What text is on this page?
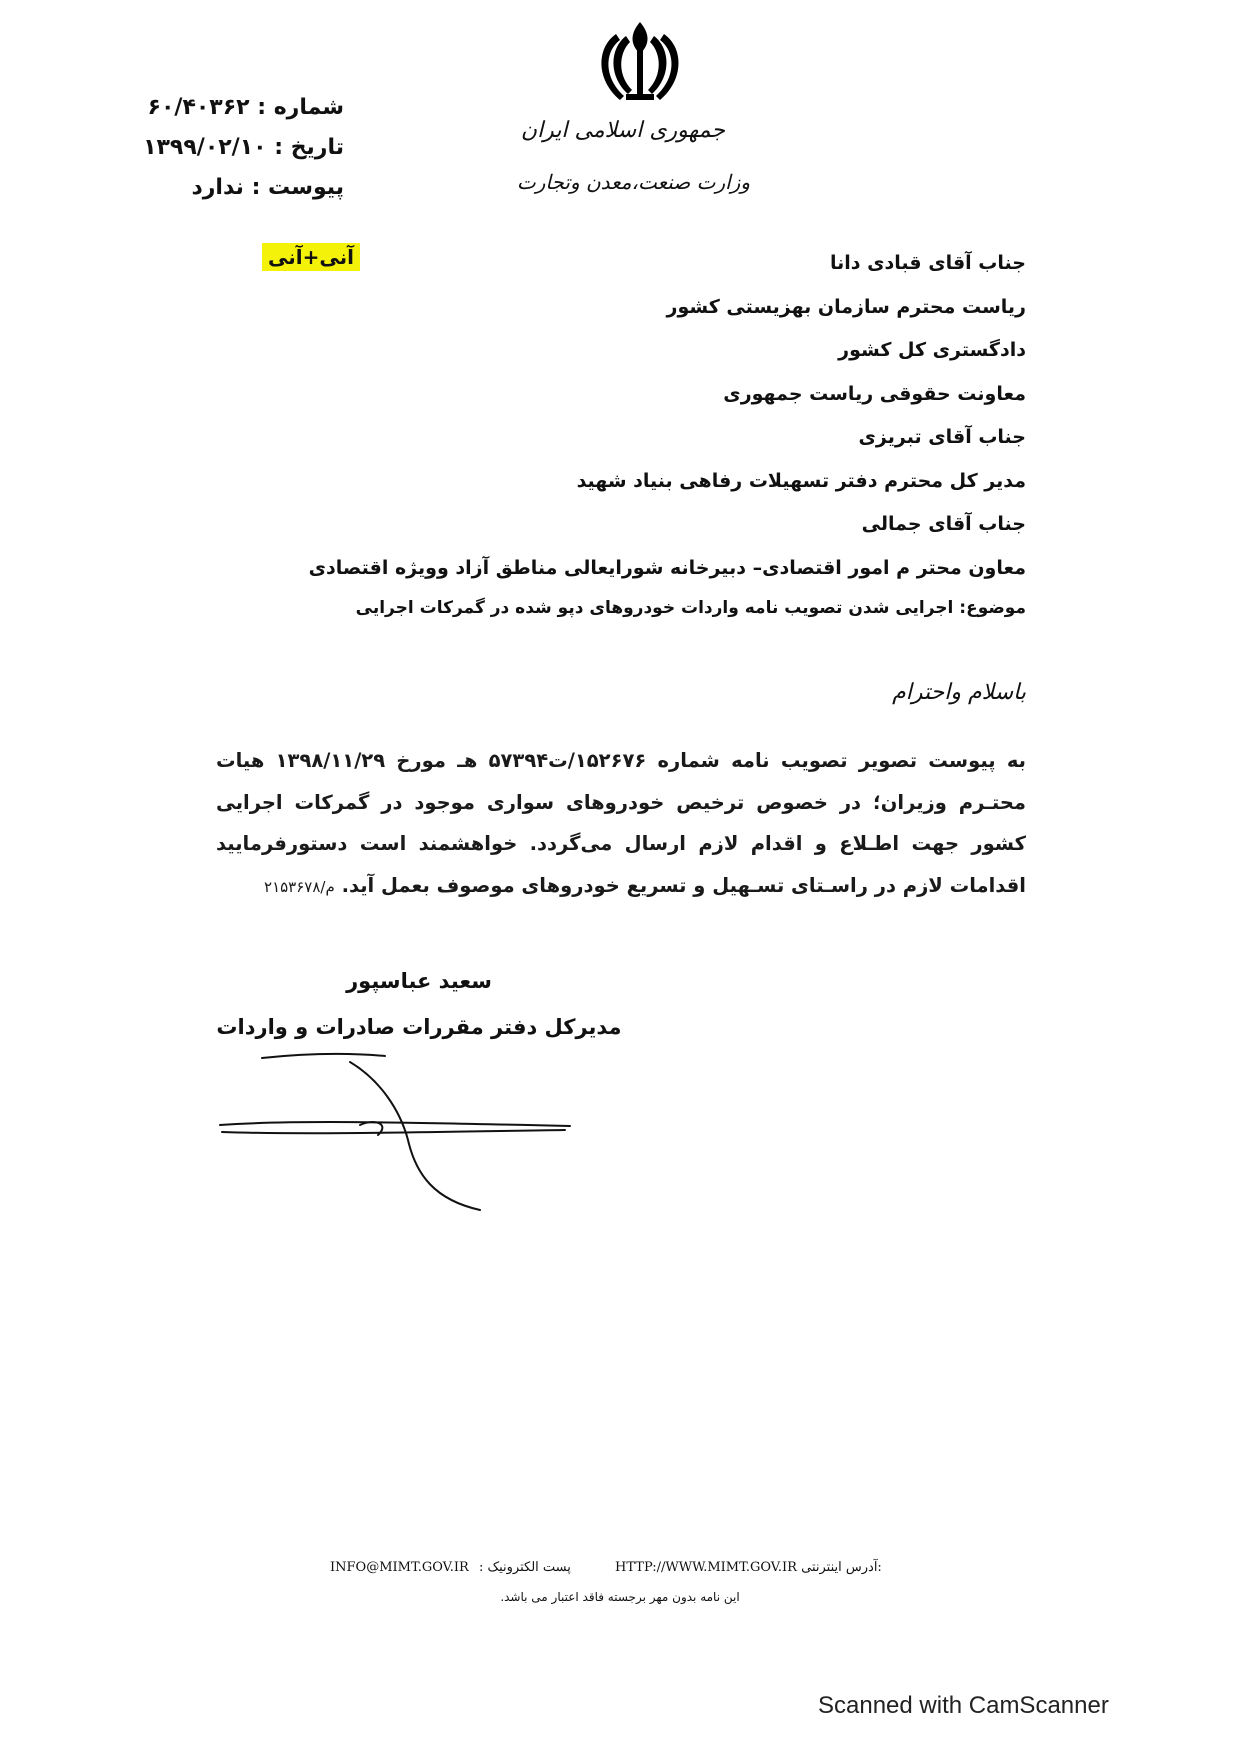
جمهوری اسلامی ایران
وزارت صنعت،معدن وتجارت
شماره : ۶۰/۴۰۳۶۲
تاریخ : ۱۳۹۹/۰۲/۱۰
پیوست : ندارد
آنی+آنی	جناب آقای قبادی دانا
ریاست محترم سازمان بهزیستی کشور
دادگستری کل کشور
معاونت حقوقی ریاست جمهوری
جناب آقای تبریزی
مدیر کل محترم دفتر تسهیلات رفاهی بنیاد شهید
جناب آقای جمالی
معاون محتر م امور اقتصادی– دبیرخانه شورایعالی مناطق آزاد وویژه اقتصادی
موضوع: اجرایی شدن تصویب نامه واردات خودروهای دپو شده در گمرکات اجرایی
باسلام واحترام
به پیوست تصویر تصویب نامه شماره ۱۵۲۶۷۶/ت۵۷۳۹۴ هـ مورخ ۱۳۹۸/۱۱/۲۹ هیات محتـرم وزیران؛ در خصوص ترخیص خودروهای سواری موجود در گمرکات اجرایی کشور جهت اطـلاع و اقدام لازم ارسال می‌گردد. خواهشمند است دستورفرمایید اقدامات لازم در راسـتای تسـهیل و تسریع خودروهای موصوف بعمل آید. م/۲۱۵۳۶۷۸
سعید عباسپور
مدیرکل دفتر مقررات صادرات و واردات
INFO@MIMT.GOV.IR پست الکترونیک :	HTTP://WWW.MIMT.GOV.IR :آدرس اینترنتی
این نامه بدون مهر برجسته فاقد اعتبار می باشد.
Scanned with CamScanner
